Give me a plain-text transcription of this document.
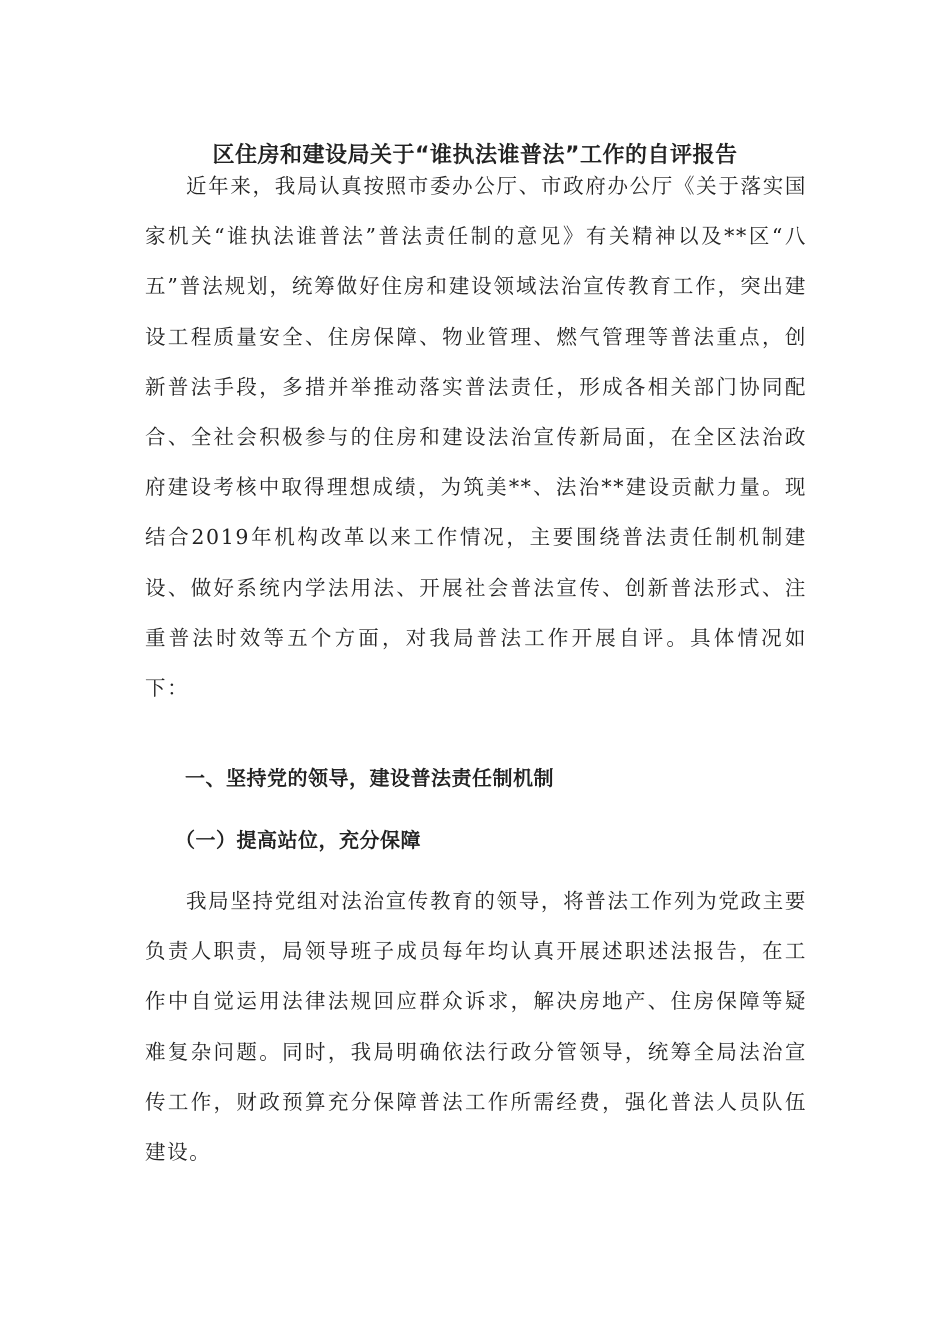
区住房和建设局关于“谁执法谁普法”工作的自评报告
近年来，我局认真按照市委办公厅、市政府办公厅《关于落实国家机关“谁执法谁普法”普法责任制的意见》有关精神以及**区“八五”普法规划，统筹做好住房和建设领域法治宣传教育工作，突出建设工程质量安全、住房保障、物业管理、燃气管理等普法重点，创新普法手段，多措并举推动落实普法责任，形成各相关部门协同配合、全社会积极参与的住房和建设法治宣传新局面，在全区法治政府建设考核中取得理想成绩，为筑美**、法治**建设贡献力量。现结合2019年机构改革以来工作情况，主要围绕普法责任制机制建设、做好系统内学法用法、开展社会普法宣传、创新普法形式、注重普法时效等五个方面，对我局普法工作开展自评。具体情况如下：
一、坚持党的领导，建设普法责任制机制
（一）提高站位，充分保障
我局坚持党组对法治宣传教育的领导，将普法工作列为党政主要负责人职责，局领导班子成员每年均认真开展述职述法报告，在工作中自觉运用法律法规回应群众诉求，解决房地产、住房保障等疑难复杂问题。同时，我局明确依法行政分管领导，统筹全局法治宣传工作，财政预算充分保障普法工作所需经费，强化普法人员队伍建设。
